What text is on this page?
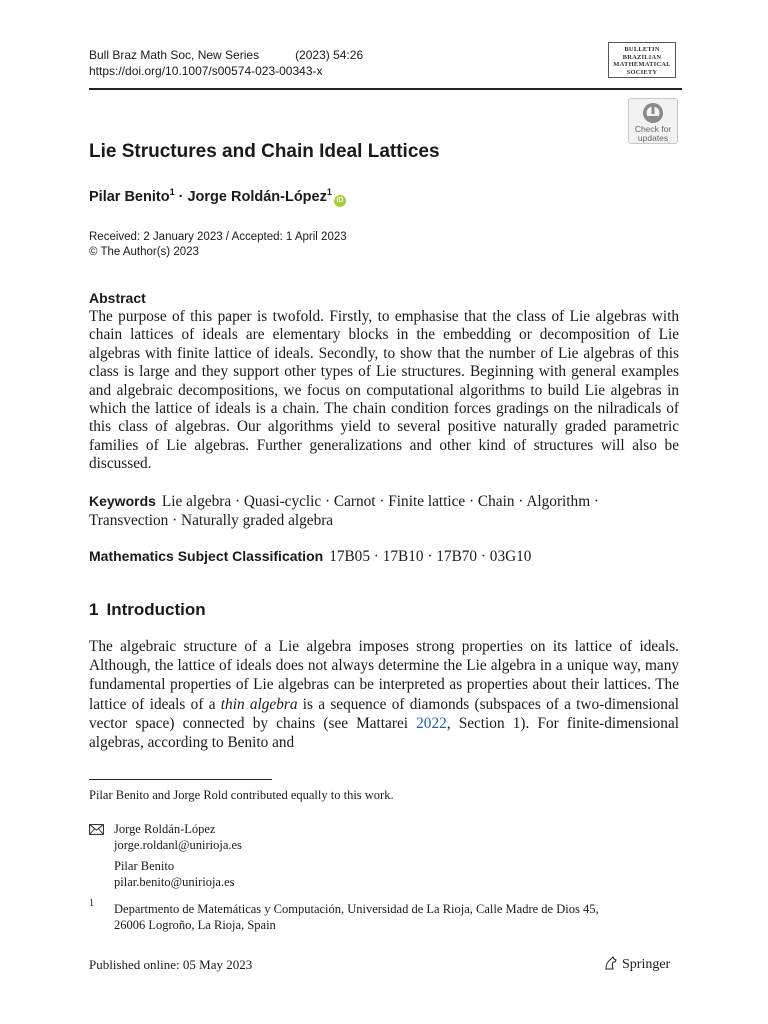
Bull Braz Math Soc, New Series	(2023) 54:26
https://doi.org/10.1007/s00574-023-00343-x
BULLETIN
BRAZILIAN
MATHEMATICAL
SOCIETY
Check for
updates
Lie Structures and Chain Ideal Lattices
Pilar Benito$^1$ · Jorge Roldán-López$^1$iD
Received: 2 January 2023 / Accepted: 1 April 2023
© The Author(s) 2023
Abstract
The purpose of this paper is twofold. Firstly, to emphasise that the class of Lie algebras with chain lattices of ideals are elementary blocks in the embedding or decomposition of Lie algebras with finite lattice of ideals. Secondly, to show that the number of Lie algebras of this class is large and they support other types of Lie structures. Beginning with general examples and algebraic decompositions, we focus on computational algorithms to build Lie algebras in which the lattice of ideals is a chain. The chain condition forces gradings on the nilradicals of this class of algebras. Our algorithms yield to several positive naturally graded parametric families of Lie algebras. Further generalizations and other kind of structures will also be discussed.
Keywords Lie algebra · Quasi-cyclic · Carnot · Finite lattice · Chain · Algorithm · Transvection · Naturally graded algebra
Mathematics Subject Classification 17B05 · 17B10 · 17B70 · 03G10
1 Introduction
The algebraic structure of a Lie algebra imposes strong properties on its lattice of ideals. Although, the lattice of ideals does not always determine the Lie algebra in a unique way, many fundamental properties of Lie algebras can be interpreted as properties about their lattices. The lattice of ideals of a thin algebra is a sequence of diamonds (subspaces of a two-dimensional vector space) connected by chains (see Mattarei 2022, Section 1). For finite-dimensional algebras, according to Benito and
Pilar Benito and Jorge Rold contributed equally to this work.
Jorge Roldán-López
jorge.roldanl@unirioja.es
Pilar Benito
pilar.benito@unirioja.es
1 Departmento de Matemáticas y Computación, Universidad de La Rioja, Calle Madre de Dios 45,
26006 Logroño, La Rioja, Spain
Published online: 05 May 2023	Springer
